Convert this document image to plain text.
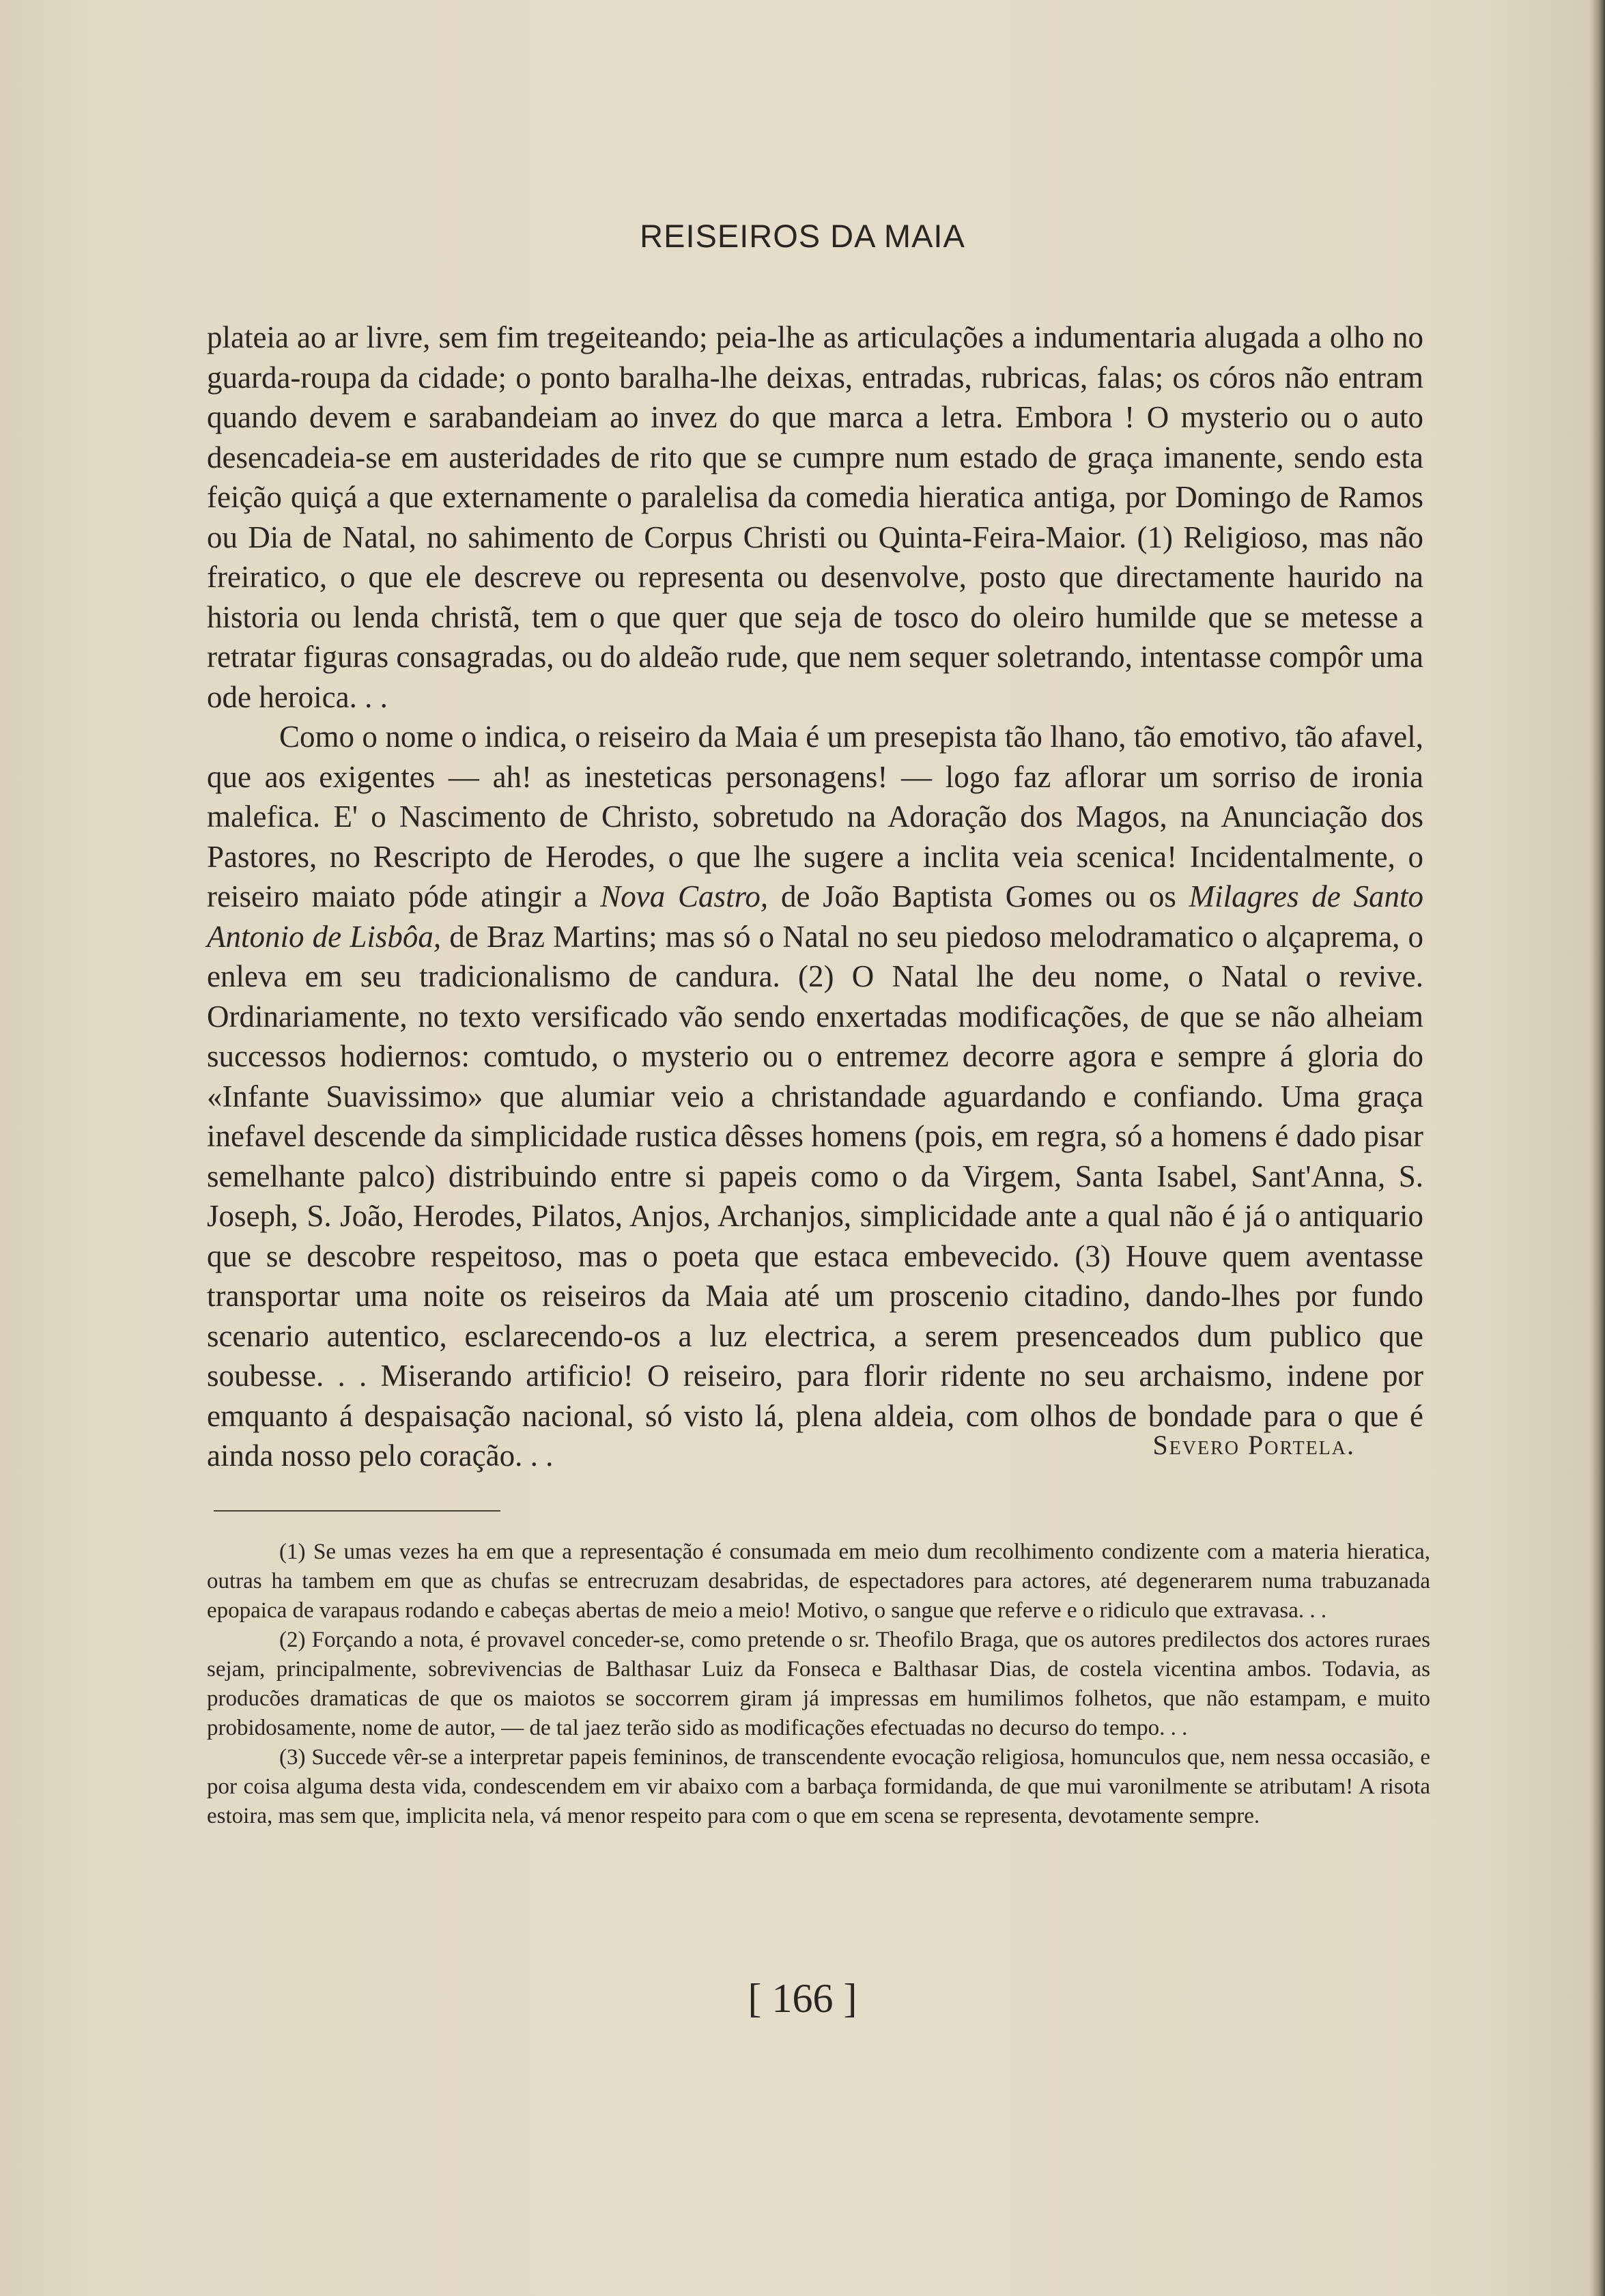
REISEIROS DA MAIA

plateia ao ar livre, sem fim tregeiteando; peia-lhe as articulações a indumentaria alugada a olho no guarda-roupa da cidade; o ponto baralha-lhe deixas, entradas, rubricas, falas; os córos não entram quando devem e sarabandeiam ao invez do que marca a letra. Embora ! O mysterio ou o auto desencadeia-se em austeridades de rito que se cumpre num estado de graça imanente, sendo esta feição quiçá a que externamente o paralelisa da comedia hieratica antiga, por Domingo de Ramos ou Dia de Natal, no sahimento de Corpus Christi ou Quinta-Feira-Maior. (1) Religioso, mas não freiratico, o que ele descreve ou representa ou desenvolve, posto que directamente haurido na historia ou lenda christã, tem o que quer que seja de tosco do oleiro humilde que se metesse a retratar figuras consagradas, ou do aldeão rude, que nem sequer soletrando, intentasse compôr uma ode heroica. . .

Como o nome o indica, o reiseiro da Maia é um presepista tão lhano, tão emotivo, tão afavel, que aos exigentes — ah! as inesteticas personagens! — logo faz aflorar um sorriso de ironia malefica. E' o Nascimento de Christo, sobretudo na Adoração dos Magos, na Anunciação dos Pastores, no Rescripto de Herodes, o que lhe sugere a inclita veia scenica! Incidentalmente, o reiseiro maiato póde atingir a Nova Castro, de João Baptista Gomes ou os Milagres de Santo Antonio de Lisbôa, de Braz Martins; mas só o Natal no seu piedoso melodramatico o alçaprema, o enleva em seu tradicionalismo de candura. (2) O Natal lhe deu nome, o Natal o revive. Ordinariamente, no texto versificado vão sendo enxertadas modificações, de que se não alheiam successos hodiernos: comtudo, o mysterio ou o entremez decorre agora e sempre á gloria do «Infante Suavissimo» que alumiar veio a christandade aguardando e confiando. Uma graça inefavel descende da simplicidade rustica dêsses homens (pois, em regra, só a homens é dado pisar semelhante palco) distribuindo entre si papeis como o da Virgem, Santa Isabel, Sant'Anna, S. Joseph, S. João, Herodes, Pilatos, Anjos, Archanjos, simplicidade ante a qual não é já o antiquario que se descobre respeitoso, mas o poeta que estaca embevecido. (3) Houve quem aventasse transportar uma noite os reiseiros da Maia até um proscenio citadino, dando-lhes por fundo scenario autentico, esclarecendo-os a luz electrica, a serem presenceados dum publico que soubesse. . . Miserando artificio! O reiseiro, para florir ridente no seu archaismo, indene por emquanto á despaisação nacional, só visto lá, plena aldeia, com olhos de bondade para o que é ainda nosso pelo coração. . .	Severo Portela.

(1) Se umas vezes ha em que a representação é consumada em meio dum recolhimento condizente com a materia hieratica, outras ha tambem em que as chufas se entrecruzam desabridas, de espectadores para actores, até degenerarem numa trabuzanada epopaica de varapaus rodando e cabeças abertas de meio a meio! Motivo, o sangue que referve e o ridiculo que extravasa. . .

(2) Forçando a nota, é provavel conceder-se, como pretende o sr. Theofilo Braga, que os autores predilectos dos actores ruraes sejam, principalmente, sobrevivencias de Balthasar Luiz da Fonseca e Balthasar Dias, de costela vicentina ambos. Todavia, as producões dramaticas de que os maiotos se soccorrem giram já impressas em humilimos folhetos, que não estampam, e muito probidosamente, nome de autor, — de tal jaez terão sido as modificações efectuadas no decurso do tempo. . .

(3) Succede vêr-se a interpretar papeis femininos, de transcendente evocação religiosa, homunculos que, nem nessa occasião, e por coisa alguma desta vida, condescendem em vir abaixo com a barbaça formidanda, de que mui varonilmente se atributam! A risota estoira, mas sem que, implicita nela, vá menor respeito para com o que em scena se representa, devotamente sempre.

[ 166 ]
